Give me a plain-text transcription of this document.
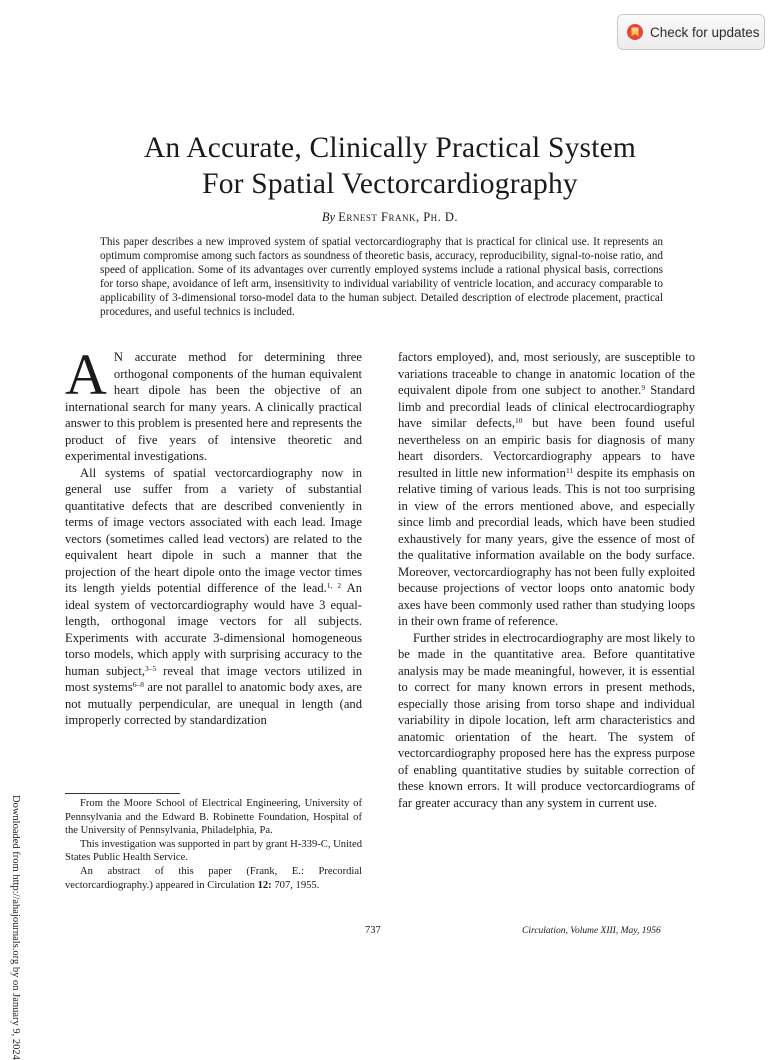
Check for updates
Downloaded from http://ahajournals.org by on January 9, 2024
An Accurate, Clinically Practical System
For Spatial Vectorcardiography
By Ernest Frank, Ph. D.
This paper describes a new improved system of spatial vectorcardiography that is practical for clinical use. It represents an optimum compromise among such factors as soundness of theoretic basis, accuracy, reproducibility, signal-to-noise ratio, and speed of application. Some of its advantages over currently employed systems include a rational physical basis, corrections for torso shape, avoidance of left arm, insensitivity to individual variability of ventricle location, and accuracy comparable to applicability of 3-dimensional torso-model data to the human subject. Detailed description of electrode placement, practical procedures, and useful technics is included.

A N accurate method for determining three orthogonal components of the human equivalent heart dipole has been the objective of an international search for many years. A clinically practical answer to this problem is presented here and represents the product of five years of intensive theoretic and experimental investigations.

All systems of spatial vectorcardiography now in general use suffer from a variety of substantial quantitative defects that are described conveniently in terms of image vectors associated with each lead. Image vectors (sometimes called lead vectors) are related to the equivalent heart dipole in such a manner that the projection of the heart dipole onto the image vector times its length yields potential difference of the lead.$^{1, 2}$ An ideal system of vectorcardiography would have 3 equal-length, orthogonal image vectors for all subjects. Experiments with accurate 3-dimensional homogeneous torso models, which apply with surprising accuracy to the human subject,$^{3-5}$ reveal that image vectors utilized in most systems$^{6-8}$ are not parallel to anatomic body axes, are not mutually perpendicular, are unequal in length (and improperly corrected by standardization

From the Moore School of Electrical Engineering, University of Pennsylvania and the Edward B. Robinette Foundation, Hospital of the University of Pennsylvania, Philadelphia, Pa.

This investigation was supported in part by grant H-339-C, United States Public Health Service.

An abstract of this paper (Frank, E.: Precordial vectorcardiography.) appeared in Circulation 12: 707, 1955.

factors employed), and, most seriously, are susceptible to variations traceable to change in anatomic location of the equivalent dipole from one subject to another.$^9$ Standard limb and precordial leads of clinical electrocardiography have similar defects,$^{10}$ but have been found useful nevertheless on an empiric basis for diagnosis of many heart disorders. Vectorcardiography appears to have resulted in little new information$^{11}$ despite its emphasis on relative timing of various leads. This is not too surprising in view of the errors mentioned above, and especially since limb and precordial leads, which have been studied exhaustively for many years, give the essence of most of the qualitative information available on the body surface. Moreover, vectorcardiography has not been fully exploited because projections of vector loops onto anatomic body axes have been commonly used rather than studying loops in their own frame of reference.

Further strides in electrocardiography are most likely to be made in the quantitative area. Before quantitative analysis may be made meaningful, however, it is essential to correct for many known errors in present methods, especially those arising from torso shape and individual variability in dipole location, left arm characteristics and anatomic orientation of the heart. The system of vectorcardiography proposed here has the express purpose of enabling quantitative studies by suitable correction of these known errors. It will produce vectorcardiograms of far greater accuracy than any system in current use.

737	Circulation, Volume XIII, May, 1956
